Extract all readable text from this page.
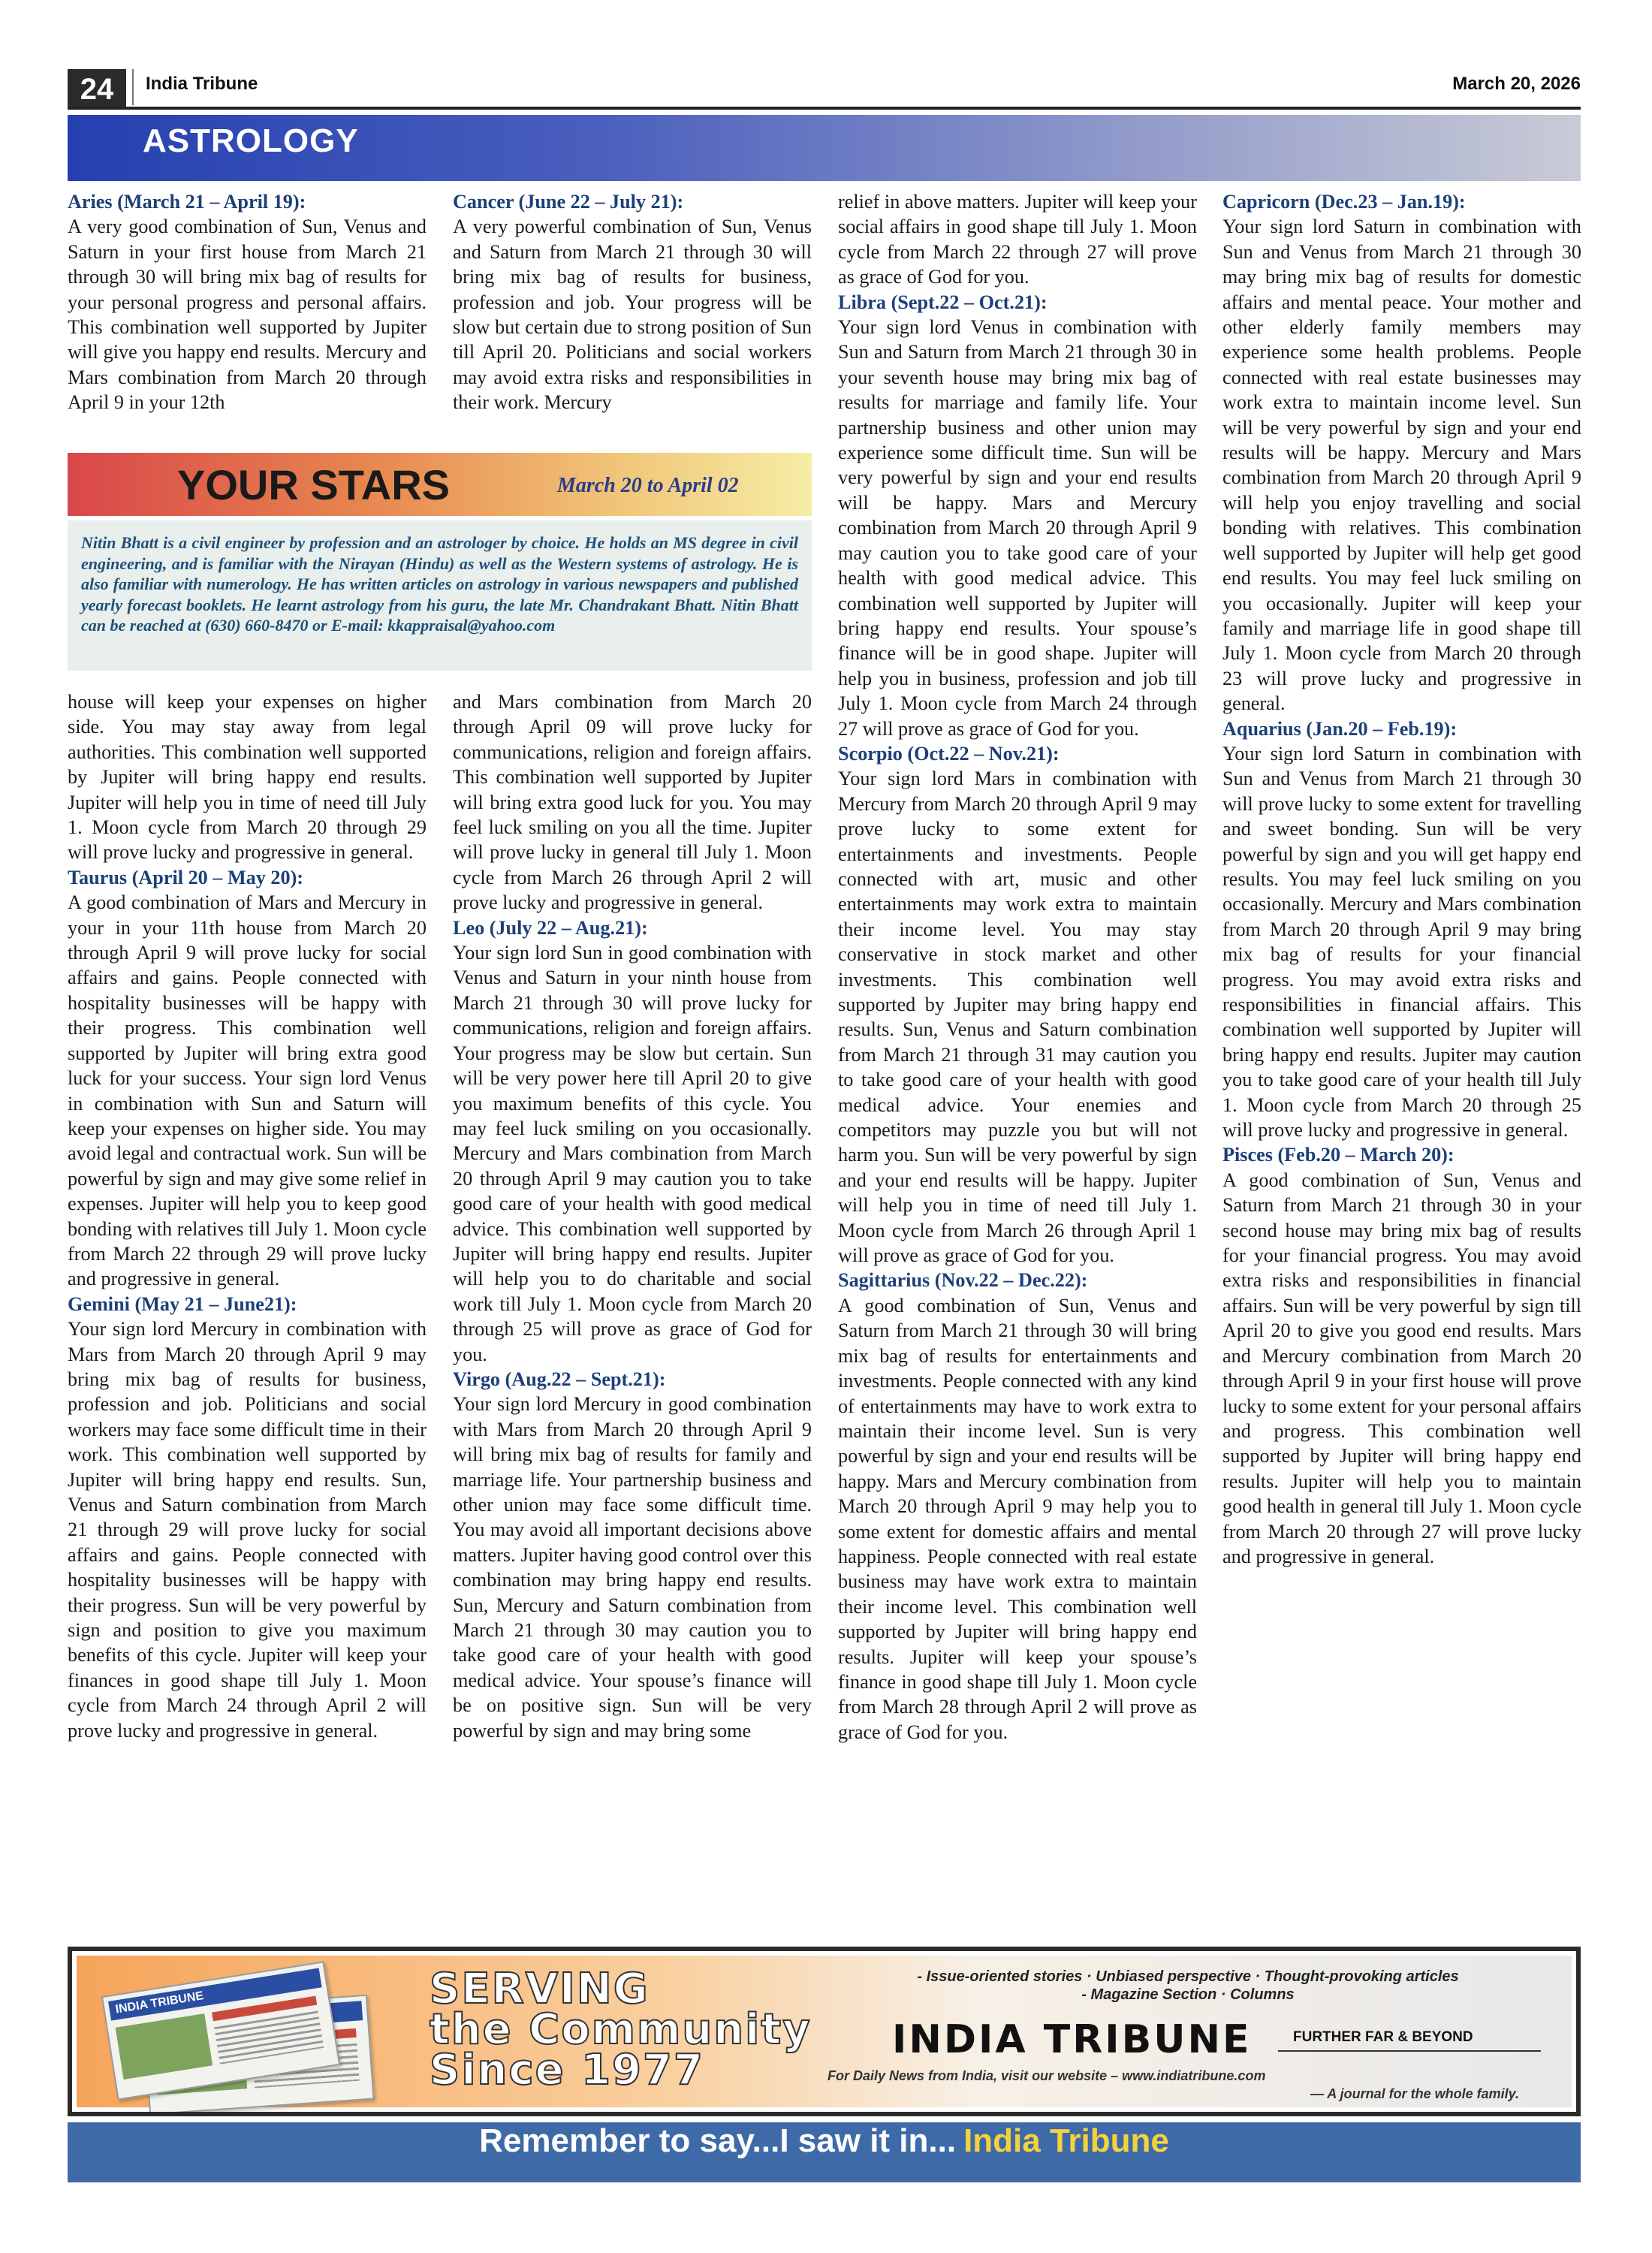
24	India Tribune	March 20, 2026
ASTROLOGY

Aries (March 21 – April 19):

A very good combination of Sun, Venus and Saturn in your first house from March 21 through 30 will bring mix bag of results for your personal progress and personal affairs. This combination well supported by Jupiter will give you happy end results. Mercury and Mars combination from March 20 through April 9 in your 12th

house will keep your expenses on higher side. You may stay away from legal authorities. This combination well supported by Jupiter will bring happy end results. Jupiter will help you in time of need till July 1. Moon cycle from March 20 through 29 will prove lucky and progressive in general.

Taurus (April 20 – May 20):

A good combination of Mars and Mercury in your in your 11th house from March 20 through April 9 will prove lucky for social affairs and gains. People connected with hospitality businesses will be happy with their progress. This combination well supported by Jupiter will bring extra good luck for your success. Your sign lord Venus in combination with Sun and Saturn will keep your expenses on higher side. You may avoid legal and contractual work. Sun will be powerful by sign and may give some relief in expenses. Jupiter will help you to keep good bonding with relatives till July 1. Moon cycle from March 22 through 29 will prove lucky and progressive in general.

Gemini (May 21 – June21):

Your sign lord Mercury in combination with Mars from March 20 through April 9 may bring mix bag of results for business, profession and job. Politicians and social workers may face some difficult time in their work. This combination well supported by Jupiter will bring happy end results. Sun, Venus and Saturn combination from March 21 through 29 will prove lucky for social affairs and gains. People connected with hospitality businesses will be happy with their progress. Sun will be very powerful by sign and position to give you maximum benefits of this cycle. Jupiter will keep your finances in good shape till July 1. Moon cycle from March 24 through April 2 will prove lucky and progressive in general.

Cancer (June 22 – July 21):

A very powerful combination of Sun, Venus and Saturn from March 21 through 30 will bring mix bag of results for business, profession and job. Your progress will be slow but certain due to strong position of Sun till April 20. Politicians and social workers may avoid extra risks and responsibilities in their work. Mercury

and Mars combination from March 20 through April 09 will prove lucky for communications, religion and foreign affairs. This combination well supported by Jupiter will bring extra good luck for you. You may feel luck smiling on you all the time. Jupiter will prove lucky in general till July 1. Moon cycle from March 26 through April 2 will prove lucky and progressive in general.

Leo (July 22 – Aug.21):

Your sign lord Sun in good combination with Venus and Saturn in your ninth house from March 21 through 30 will prove lucky for communications, religion and foreign affairs. Your progress may be slow but certain. Sun will be very power here till April 20 to give you maximum benefits of this cycle. You may feel luck smiling on you occasionally. Mercury and Mars combination from March 20 through April 9 may caution you to take good care of your health with good medical advice. This combination well supported by Jupiter will bring happy end results. Jupiter will help you to do charitable and social work till July 1. Moon cycle from March 20 through 25 will prove as grace of God for you.

Virgo (Aug.22 – Sept.21):

Your sign lord Mercury in good combination with Mars from March 20 through April 9 will bring mix bag of results for family and marriage life. Your partnership business and other union may face some difficult time. You may avoid all important decisions above matters. Jupiter having good control over this combination may bring happy end results. Sun, Mercury and Saturn combination from March 21 through 30 may caution you to take good care of your health with good medical advice. Your spouse’s finance will be on positive sign. Sun will be very powerful by sign and may bring some

YOUR STARS	March 20 to April 02
Nitin Bhatt is a civil engineer by profession and an astrologer by choice. He holds an MS degree in civil engineering, and is familiar with the Nirayan (Hindu) as well as the Western systems of astrology. He is also familiar with numerology. He has written articles on astrology in various newspapers and published yearly forecast booklets. He learnt astrology from his guru, the late Mr. Chandrakant Bhatt. Nitin Bhatt can be reached at (630) 660-8470 or E-mail: kkappraisal@yahoo.com

relief in above matters. Jupiter will keep your social affairs in good shape till July 1. Moon cycle from March 22 through 27 will prove as grace of God for you.

Libra (Sept.22 – Oct.21):

Your sign lord Venus in combination with Sun and Saturn from March 21 through 30 in your seventh house may bring mix bag of results for marriage and family life. Your partnership business and other union may experience some difficult time. Sun will be very powerful by sign and your end results will be happy. Mars and Mercury combination from March 20 through April 9 may caution you to take good care of your health with good medical advice. This combination well supported by Jupiter will bring happy end results. Your spouse’s finance will be in good shape. Jupiter will help you in business, profession and job till July 1. Moon cycle from March 24 through 27 will prove as grace of God for you.

Scorpio (Oct.22 – Nov.21):

Your sign lord Mars in combination with Mercury from March 20 through April 9 may prove lucky to some extent for entertainments and investments. People connected with art, music and other entertainments may work extra to maintain their income level. You may stay conservative in stock market and other investments. This combination well supported by Jupiter may bring happy end results. Sun, Venus and Saturn combination from March 21 through 31 may caution you to take good care of your health with good medical advice. Your enemies and competitors may puzzle you but will not harm you. Sun will be very powerful by sign and your end results will be happy. Jupiter will help you in time of need till July 1. Moon cycle from March 26 through April 1 will prove as grace of God for you.

Sagittarius (Nov.22 – Dec.22):

A good combination of Sun, Venus and Saturn from March 21 through 30 will bring mix bag of results for entertainments and investments. People connected with any kind of entertainments may have to work extra to maintain their income level. Sun is very powerful by sign and your end results will be happy. Mars and Mercury combination from March 20 through April 9 may help you to some extent for domestic affairs and mental happiness. People connected with real estate business may have work extra to maintain their income level. This combination well supported by Jupiter will bring happy end results. Jupiter will keep your spouse’s finance in good shape till July 1. Moon cycle from March 28 through April 2 will prove as grace of God for you.

Capricorn (Dec.23 – Jan.19):

Your sign lord Saturn in combination with Sun and Venus from March 21 through 30 may bring mix bag of results for domestic affairs and mental peace. Your mother and other elderly family members may experience some health problems. People connected with real estate businesses may work extra to maintain income level. Sun will be very powerful by sign and your end results will be happy. Mercury and Mars combination from March 20 through April 9 will help you enjoy travelling and social bonding with relatives. This combination well supported by Jupiter will help get good end results. You may feel luck smiling on you occasionally. Jupiter will keep your family and marriage life in good shape till July 1. Moon cycle from March 20 through 23 will prove lucky and progressive in general.

Aquarius (Jan.20 – Feb.19):

Your sign lord Saturn in combination with Sun and Venus from March 21 through 30 will prove lucky to some extent for travelling and sweet bonding. Sun will be very powerful by sign and you will get happy end results. You may feel luck smiling on you occasionally. Mercury and Mars combination from March 20 through April 9 may bring mix bag of results for your financial progress. You may avoid extra risks and responsibilities in financial affairs. This combination well supported by Jupiter will bring happy end results. Jupiter may caution you to take good care of your health till July 1. Moon cycle from March 20 through 25 will prove lucky and progressive in general.

Pisces (Feb.20 – March 20):

A good combination of Sun, Venus and Saturn from March 21 through 30 in your second house may bring mix bag of results for your financial progress. You may avoid extra risks and responsibilities in financial affairs. Sun will be very powerful by sign till April 20 to give you good end results. Mars and Mercury combination from March 20 through April 9 in your first house will prove lucky to some extent for your personal affairs and progress. This combination well supported by Jupiter will bring happy end results. Jupiter will help you to maintain good health in general till July 1. Moon cycle from March 20 through 27 will prove lucky and progressive in general.

INDIA TRIBUNE	SERVING
the Community
Since 1977
- Issue-oriented stories · Unbiased perspective · Thought-provoking articles
- Magazine Section · Columns
INDIA TRIBUNE	FURTHER FAR & BEYOND
For Daily News from India, visit our website – www.indiatribune.com
— A journal for the whole family.
Remember to say...I saw it in... India Tribune
